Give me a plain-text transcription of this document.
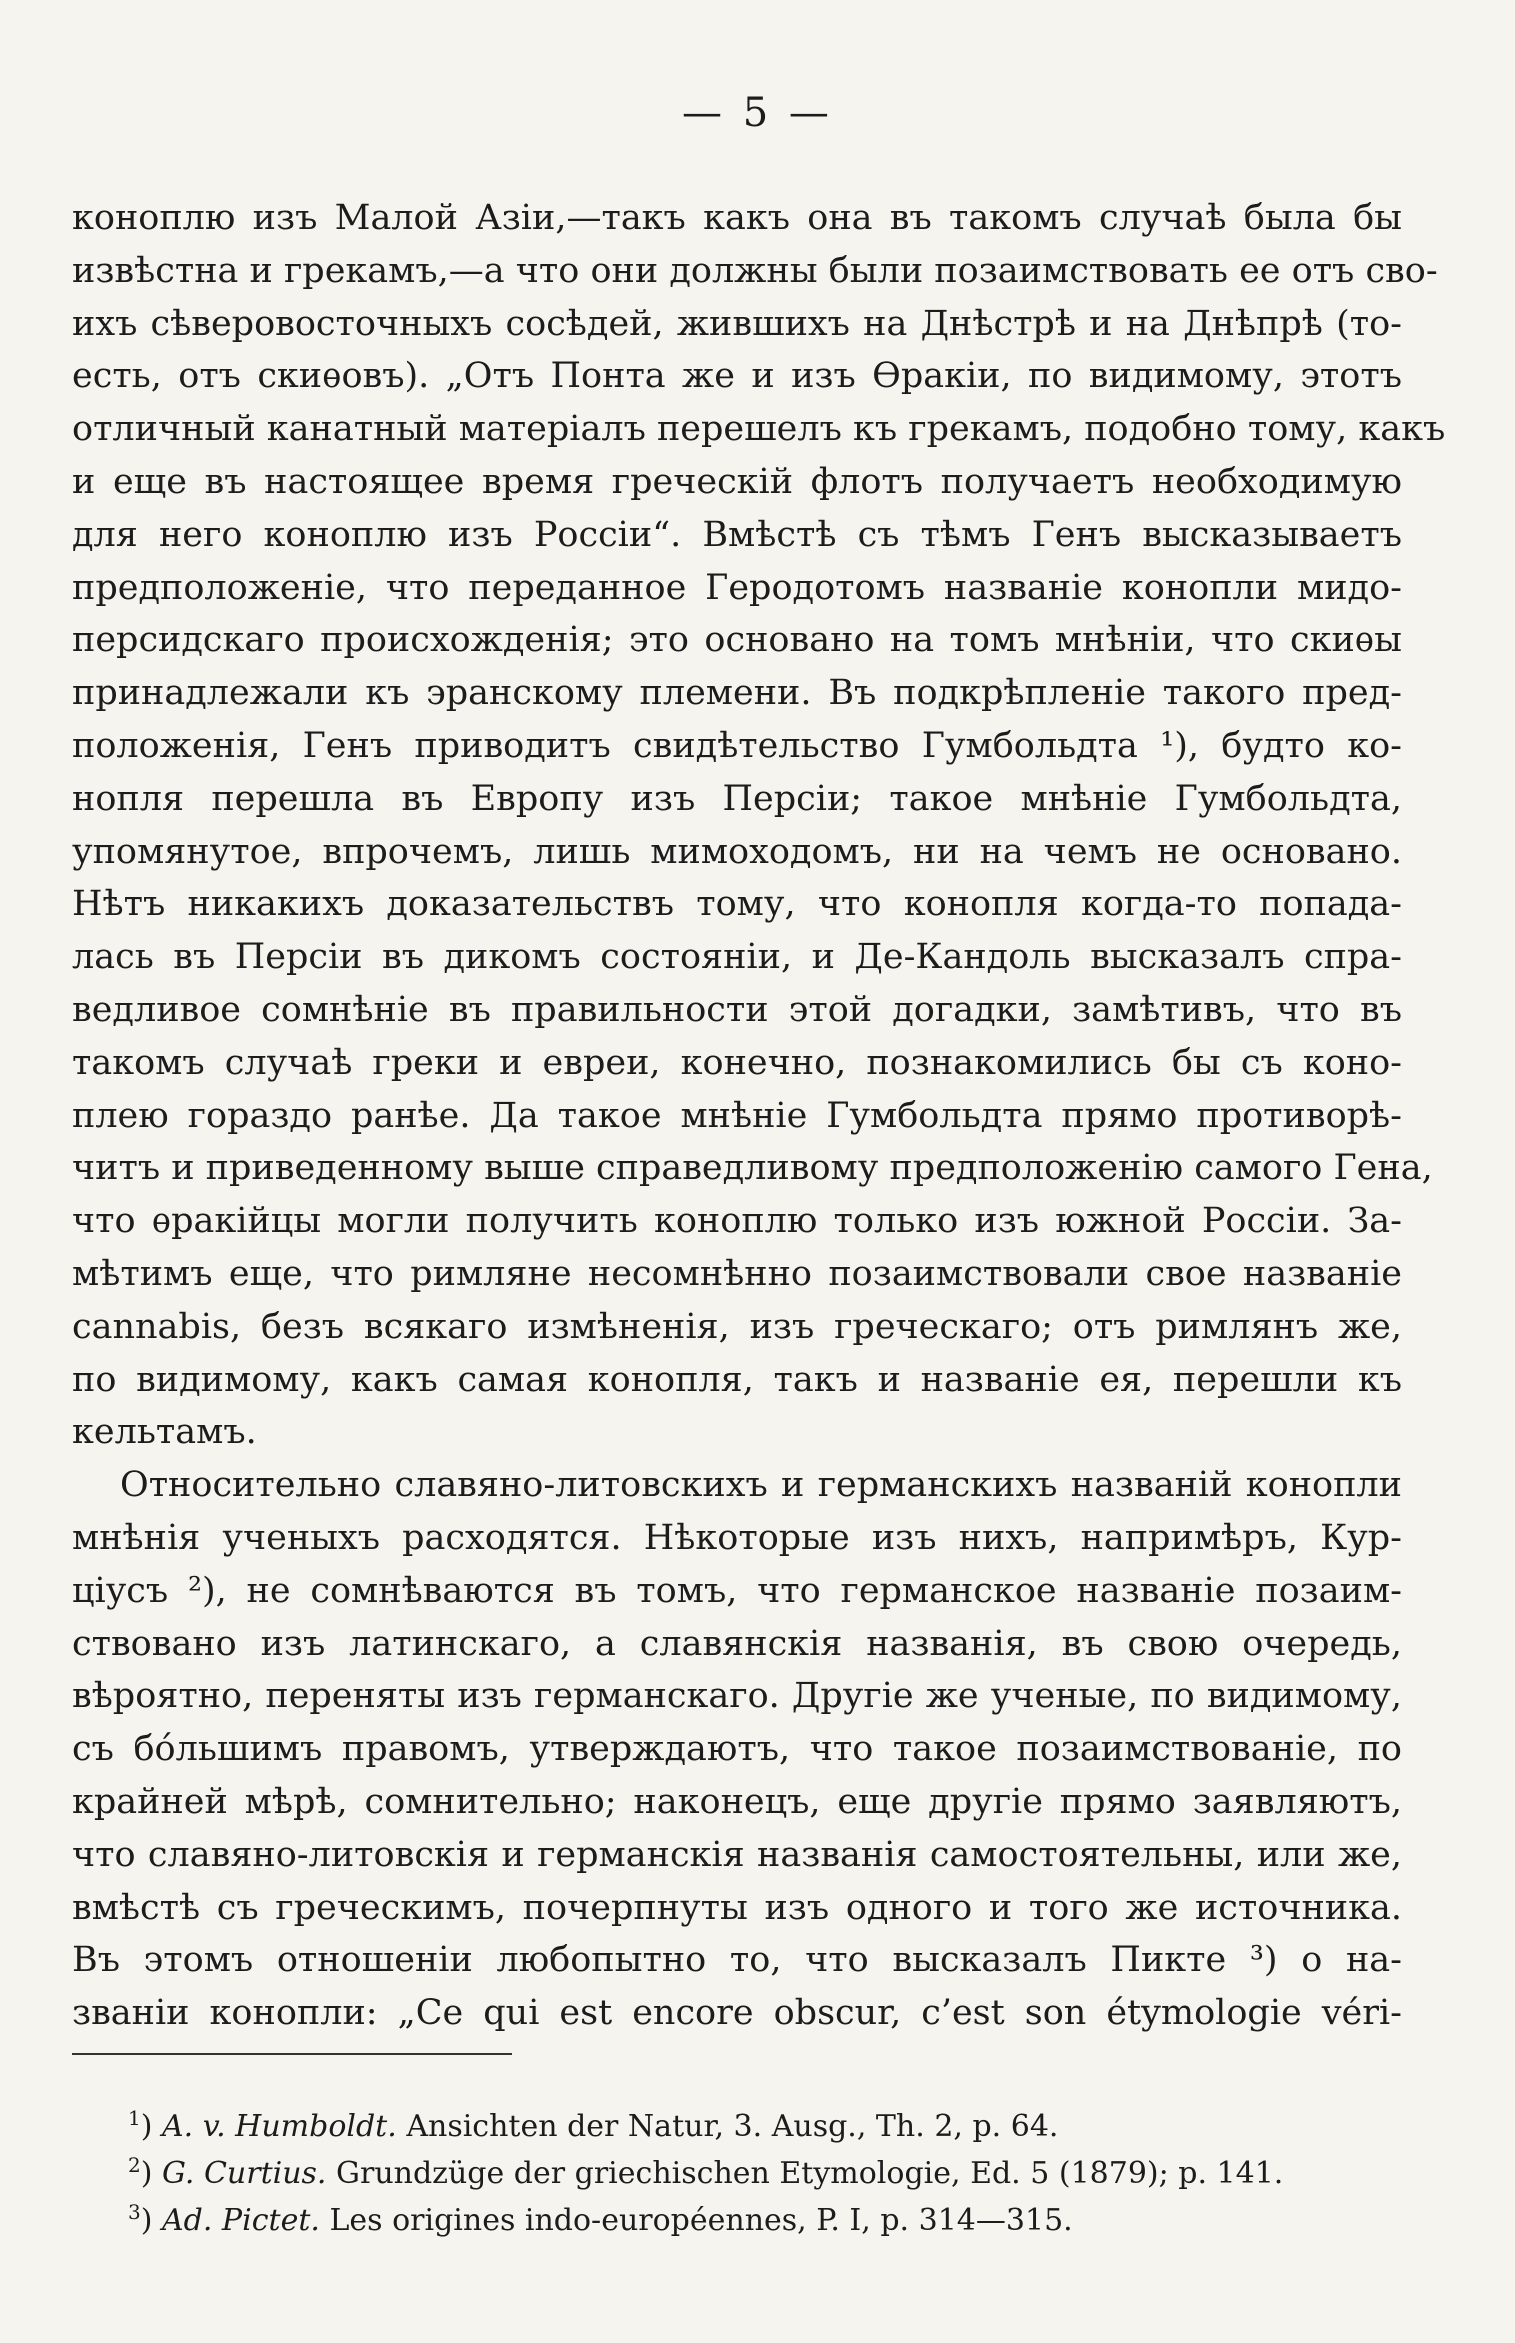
— 5 —
коноплю изъ Малой Азіи,—такъ какъ она въ такомъ случаѣ была бы
извѣстна и грекамъ,—а что они должны были позаимствовать ее отъ сво-
ихъ сѣверовосточныхъ сосѣдей, жившихъ на Днѣстрѣ и на Днѣпрѣ (то-
есть, отъ скиѳовъ). „Отъ Понта же и изъ Ѳракіи, по видимому, этотъ
отличный канатный матеріалъ перешелъ къ грекамъ, подобно тому, какъ
и еще въ настоящее время греческій флотъ получаетъ необходимую
для него коноплю изъ Россіи“. Вмѣстѣ съ тѣмъ Генъ высказываетъ
предположеніе, что переданное Геродотомъ названіе конопли мидо-
персидскаго происхожденія; это основано на томъ мнѣніи, что скиѳы
принадлежали къ эранскому племени. Въ подкрѣпленіе такого пред-
положенія, Генъ приводитъ свидѣтельство Гумбольдта ¹), будто ко-
нопля перешла въ Европу изъ Персіи; такое мнѣніе Гумбольдта,
упомянутое, впрочемъ, лишь мимоходомъ, ни на чемъ не основано.
Нѣтъ никакихъ доказательствъ тому, что конопля когда-то попада-
лась въ Персіи въ дикомъ состояніи, и Де-Кандоль высказалъ спра-
ведливое сомнѣніе въ правильности этой догадки, замѣтивъ, что въ
такомъ случаѣ греки и евреи, конечно, познакомились бы съ коно-
плею гораздо ранѣе. Да такое мнѣніе Гумбольдта прямо противорѣ-
читъ и приведенному выше справедливому предположенію самого Гена,
что ѳракійцы могли получить коноплю только изъ южной Россіи. За-
мѣтимъ еще, что римляне несомнѣнно позаимствовали свое названіе
cannabis, безъ всякаго измѣненія, изъ греческаго; отъ римлянъ же,
по видимому, какъ самая конопля, такъ и названіе ея, перешли къ
кельтамъ.
Относительно славяно-литовскихъ и германскихъ названій конопли
мнѣнія ученыхъ расходятся. Нѣкоторые изъ нихъ, напримѣръ, Кур-
ціусъ ²), не сомнѣваются въ томъ, что германское названіе позаим-
ствовано изъ латинскаго, а славянскія названія, въ свою очередь,
вѣроятно, переняты изъ германскаго. Другіе же ученые, по видимому,
съ бóльшимъ правомъ, утверждаютъ, что такое позаимствованіе, по
крайней мѣрѣ, сомнительно; наконецъ, еще другіе прямо заявляютъ,
что славяно-литовскія и германскія названія самостоятельны, или же,
вмѣстѣ съ греческимъ, почерпнуты изъ одного и того же источника.
Въ этомъ отношеніи любопытно то, что высказалъ Пикте ³) о на-
званіи конопли: „Ce qui est encore obscur, c’est son étymologie véri-
$^1$) A. v. Humboldt. Ansichten der Natur, 3. Ausg., Th. 2, p. 64.
$^2$) G. Curtius. Grundzüge der griechischen Etymologie, Ed. 5 (1879); p. 141.
$^3$) Ad. Pictet. Les origines indo-européennes, P. I, p. 314—315.
